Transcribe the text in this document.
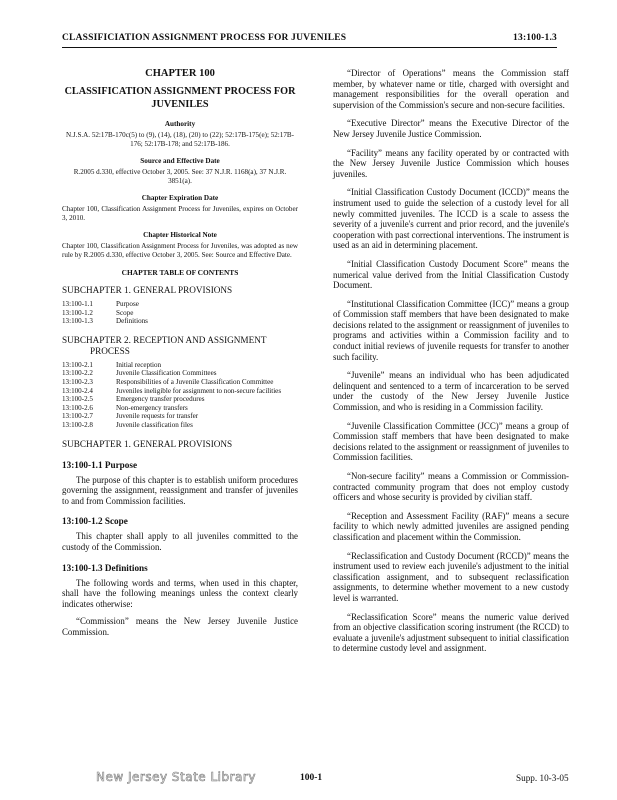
CLASSIFICIATION ASSIGNMENT PROCESS FOR JUVENILES	13:100-1.3
CHAPTER 100
CLASSIFICATION ASSIGNMENT PROCESS FOR JUVENILES
Authority
N.J.S.A. 52:17B-170c(5) to (9), (14), (18), (20) to (22); 52:17B-175(e); 52:17B-176; 52:17B-178; and 52:17B-186.
Source and Effective Date
R.2005 d.330, effective October 3, 2005. See: 37 N.J.R. 1168(a), 37 N.J.R. 3851(a).
Chapter Expiration Date
Chapter 100, Classification Assignment Process for Juveniles, expires on October 3, 2010.
Chapter Historical Note
Chapter 100, Classification Assignment Process for Juveniles, was adopted as new rule by R.2005 d.330, effective October 3, 2005. See: Source and Effective Date.
CHAPTER TABLE OF CONTENTS
SUBCHAPTER 1. GENERAL PROVISIONS
13:100-1.1	Purpose
13:100-1.2	Scope
13:100-1.3	Definitions
SUBCHAPTER 2. RECEPTION AND ASSIGNMENT
PROCESS
13:100-2.1	Initial reception
13:100-2.2	Juvenile Classification Committees
13:100-2.3	Responsibilities of a Juvenile Classification Committee
13:100-2.4	Juveniles ineligible for assignment to non-secure facilities
13:100-2.5	Emergency transfer procedures
13:100-2.6	Non-emergency transfers
13:100-2.7	Juvenile requests for transfer
13:100-2.8	Juvenile classification files
SUBCHAPTER 1. GENERAL PROVISIONS
13:100-1.1 Purpose
The purpose of this chapter is to establish uniform procedures governing the assignment, reassignment and transfer of juveniles to and from Commission facilities.
13:100-1.2 Scope
This chapter shall apply to all juveniles committed to the custody of the Commission.
13:100-1.3 Definitions
The following words and terms, when used in this chapter, shall have the following meanings unless the context clearly indicates otherwise:
“Commission” means the New Jersey Juvenile Justice Commission.
“Director of Operations” means the Commission staff member, by whatever name or title, charged with oversight and management responsibilities for the overall operation and supervision of the Commission's secure and non-secure facilities.
“Executive Director” means the Executive Director of the New Jersey Juvenile Justice Commission.
“Facility” means any facility operated by or contracted with the New Jersey Juvenile Justice Commission which houses juveniles.
“Initial Classification Custody Document (ICCD)” means the instrument used to guide the selection of a custody level for all newly committed juveniles. The ICCD is a scale to assess the severity of a juvenile's current and prior record, and the juvenile's cooperation with past correctional interventions. The instrument is used as an aid in determining placement.
“Initial Classification Custody Document Score” means the numerical value derived from the Initial Classification Custody Document.
“Institutional Classification Committee (ICC)” means a group of Commission staff members that have been designated to make decisions related to the assignment or reassignment of juveniles to programs and activities within a Commission facility and to conduct initial reviews of juvenile requests for transfer to another such facility.
“Juvenile” means an individual who has been adjudicated delinquent and sentenced to a term of incarceration to be served under the custody of the New Jersey Juvenile Justice Commission, and who is residing in a Commission facility.
“Juvenile Classification Committee (JCC)” means a group of Commission staff members that have been designated to make decisions related to the assignment or reassignment of juveniles to Commission facilities.
“Non-secure facility” means a Commission or Commission-contracted community program that does not employ custody officers and whose security is provided by civilian staff.
“Reception and Assessment Facility (RAF)” means a secure facility to which newly admitted juveniles are assigned pending classification and placement within the Commission.
“Reclassification and Custody Document (RCCD)” means the instrument used to review each juvenile's adjustment to the initial classification assignment, and to subsequent reclassification assignments, to determine whether movement to a new custody level is warranted.
“Reclassification Score” means the numeric value derived from an objective classification scoring instrument (the RCCD) to evaluate a juvenile's adjustment subsequent to initial classification to determine custody level and assignment.
New Jersey State Library	100-1	Supp. 10-3-05
